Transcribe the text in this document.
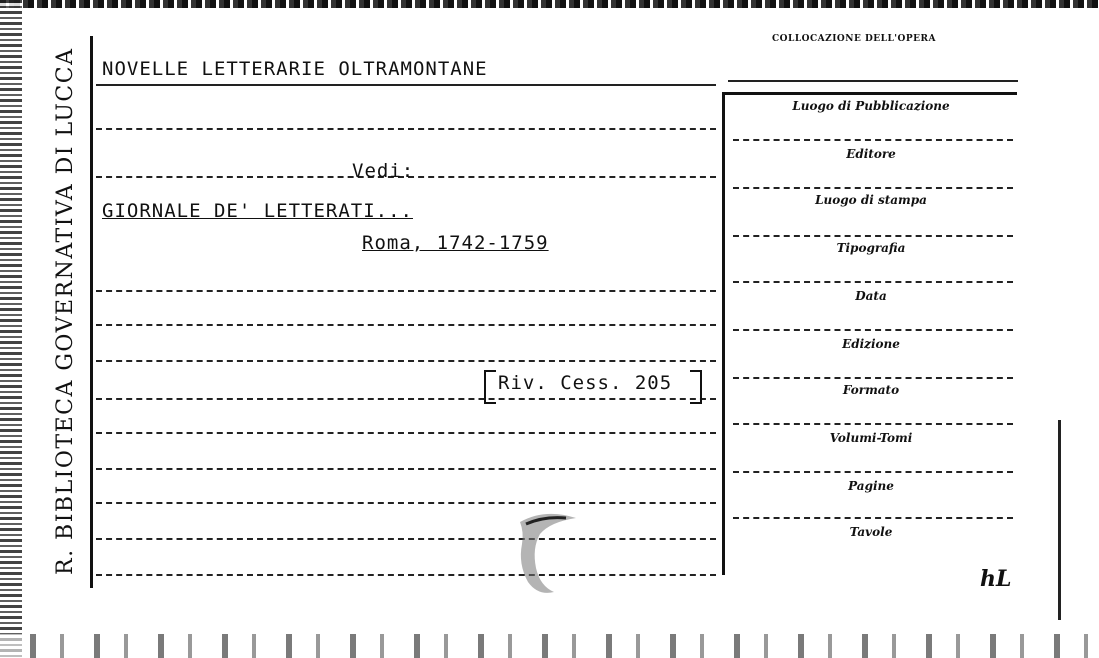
R. BIBLIOTECA GOVERNATIVA DI LUCCA
COLLOCAZIONE DELL'OPERA
NOVELLE LETTERARIE OLTRAMONTANE
Vedi:
GIORNALE DE' LETTERATI...
Roma, 1742-1759
Riv. Cess. 205
Luogo di Pubblicazione
Editore
Luogo di stampa
Tipografia
Data
Edizione
Formato
Volumi-Tomi
Pagine
Tavole
hL
